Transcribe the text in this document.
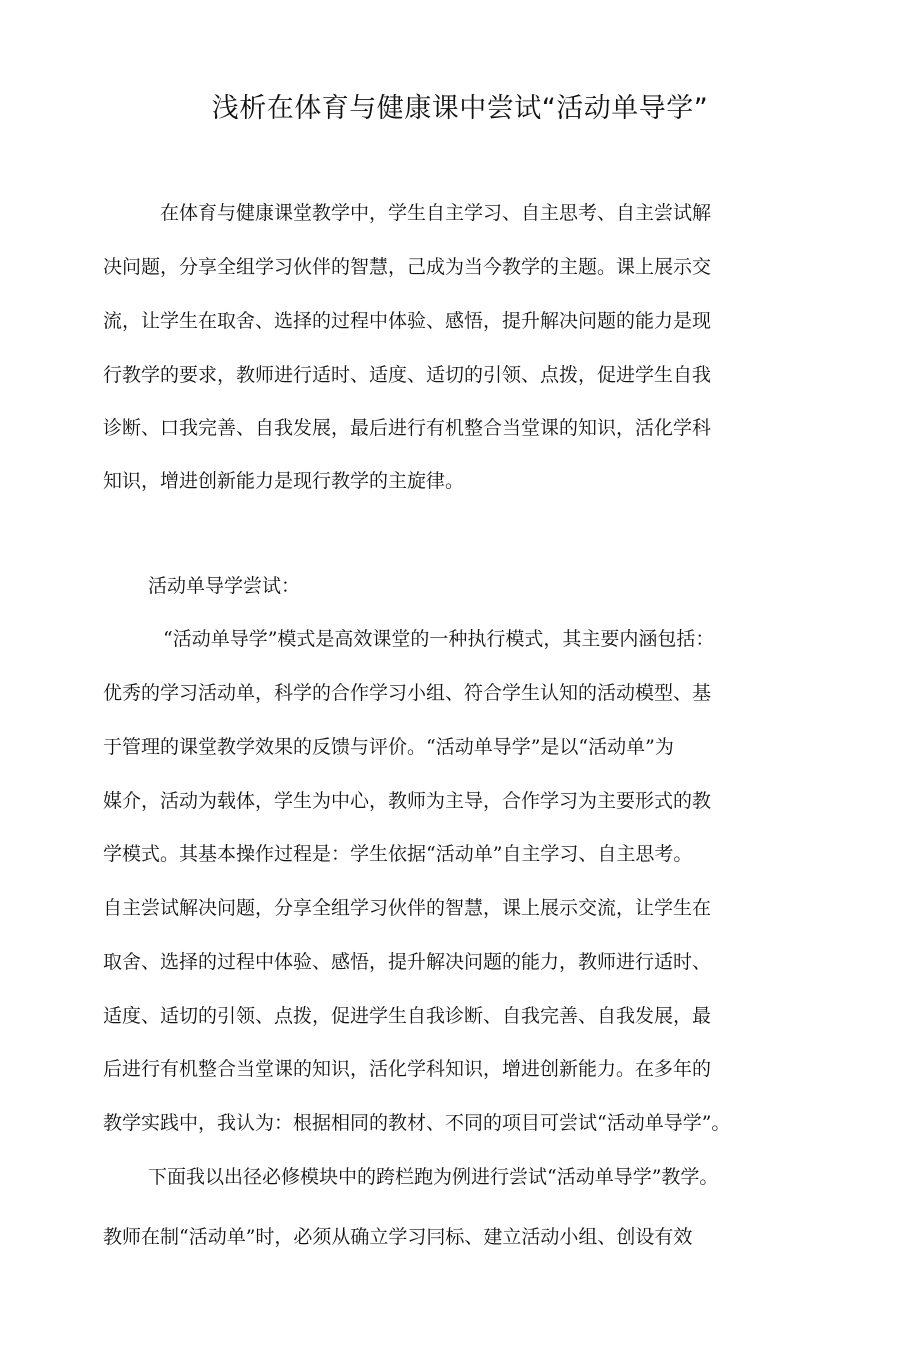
浅析在体育与健康课中尝试“活动单导学”
在体育与健康课堂教学中，学生自主学习、自主思考、自主尝试解
决问题，分享全组学习伙伴的智慧，己成为当今教学的主题。课上展示交
流，让学生在取舍、选择的过程中体验、感悟，提升解决问题的能力是现
行教学的要求，教师进行适时、适度、适切的引领、点拨，促进学生自我
诊断、口我完善、自我发展，最后进行有机整合当堂课的知识，活化学科
知识，增进创新能力是现行教学的主旋律。
活动单导学尝试：
“活动单导学”模式是高效课堂的一种执行模式，其主要内涵包括：
优秀的学习活动单，科学的合作学习小组、符合学生认知的活动模型、基
于管理的课堂教学效果的反馈与评价。“活动单导学”是以“活动单”为
媒介，活动为载体，学生为中心，教师为主导，合作学习为主要形式的教
学模式。其基本操作过程是：学生依据“活动单”自主学习、自主思考。
自主尝试解决问题，分享全组学习伙伴的智慧，课上展示交流，让学生在
取舍、选择的过程中体验、感悟，提升解决问题的能力，教师进行适时、
适度、适切的引领、点拨，促进学生自我诊断、自我完善、自我发展，最
后进行有机整合当堂课的知识，活化学科知识，增进创新能力。在多年的
教学实践中，我认为：根据相同的教材、不同的项目可尝试“活动单导学”。
下面我以出径必修模块中的跨栏跑为例进行尝试“活动单导学”教学。
教师在制“活动单”时，必须从确立学习冃标、建立活动小组、创设有效
